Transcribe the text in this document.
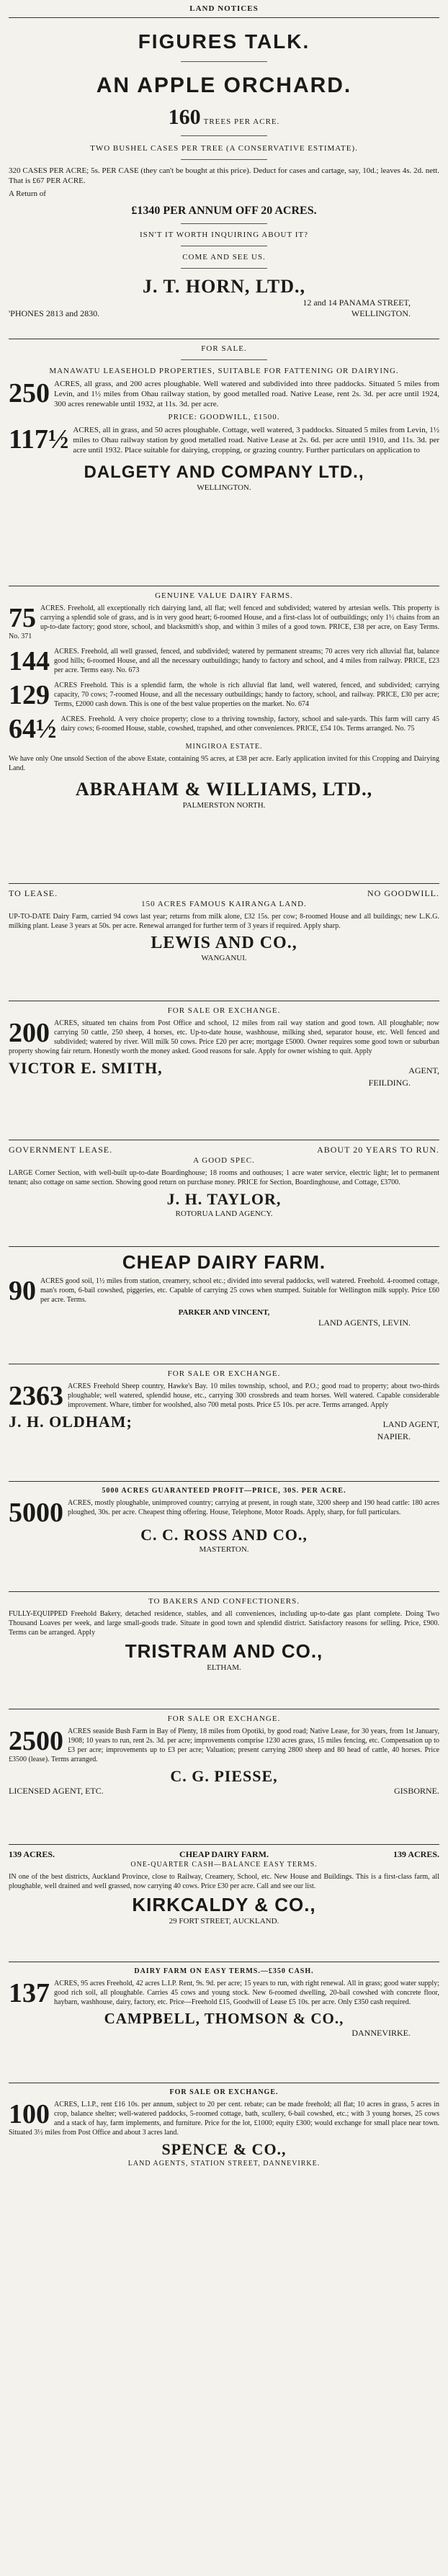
LAND NOTICES
FIGURES TALK.
AN APPLE ORCHARD.
160 TREES PER ACRE.
TWO BUSHEL CASES PER TREE (A CONSERVATIVE ESTIMATE).

320 CASES PER ACRE; 5s. PER CASE (they can't be bought at this price). Deduct for cases and cartage, say, 10d.; leaves 4s. 2d. nett. That is £67 PER ACRE.

A Return of

£1340 PER ANNUM OFF 20 ACRES.
ISN'T IT WORTH INQUIRING ABOUT IT?
COME AND SEE US.
J. T. HORN, LTD.,
12 and 14 PANAMA STREET,
'PHONES 2813 and 2830.	WELLINGTON.
FOR SALE.

MANAWATU LEASEHOLD PROPERTIES, SUITABLE FOR FATTENING OR DAIRYING.

250 ACRES, all grass, and 200 acres ploughable. Well watered and subdivided into three paddocks. Situated 5 miles from Levin, and 1½ miles from Ohau railway station, by good metalled road. Native Lease, rent 2s. 3d. per acre until 1924, 300 acres renewable until 1932, at 11s. 3d. per acre.

PRICE: GOODWILL, £1500.

117½ ACRES, all in grass, and 50 acres ploughable. Cottage, well watered, 3 paddocks. Situated 5 miles from Levin, 1½ miles to Ohau railway station by good metalled road. Native Lease at 2s. 6d. per acre until 1910, and 11s. 3d. per acre until 1932. Place suitable for dairying, cropping, or grazing country. Further particulars on application to

DALGETY AND COMPANY LTD.,
WELLINGTON.
GENUINE VALUE DAIRY FARMS.

75 ACRES. Freehold, all exceptionally rich dairying land, all flat; well fenced and subdivided; watered by artesian wells. This property is carrying a splendid sole of grass, and is in very good heart; 6-roomed House, and a first-class lot of outbuildings; only 1½ chains from an up-to-date factory; good store, school, and blacksmith's shop, and within 3 miles of a good town. PRICE, £38 per acre, on Easy Terms. No. 371

144 ACRES. Freehold, all well grassed, fenced, and subdivided; watered by permanent streams; 70 acres very rich alluvial flat, balance good hills; 6-roomed House, and all the necessary outbuildings; handy to factory and school, and 4 miles from railway. PRICE, £23 per acre. Terms easy. No. 673

129 ACRES Freehold. This is a splendid farm, the whole is rich alluvial flat land, well watered, fenced, and subdivided; carrying capacity, 70 cows; 7-roomed House, and all the necessary outbuildings; handy to factory, school, and railway. PRICE, £30 per acre; Terms, £2000 cash down. This is one of the best value properties on the market. No. 674

64½ ACRES. Freehold. A very choice property; close to a thriving township, factory, school and sale-yards. This farm will carry 45 dairy cows; 6-roomed House, stable, cowshed, trapshed, and other conveniences. PRICE, £54 10s. Terms arranged. No. 75

MINGIROA ESTATE.

We have only One unsold Section of the above Estate, containing 95 acres, at £38 per acre. Early application invited for this Cropping and Dairying Land.

ABRAHAM & WILLIAMS, LTD.,
PALMERSTON NORTH.
TO LEASE.	NO GOODWILL.
150 ACRES FAMOUS KAIRANGA LAND.

UP-TO-DATE Dairy Farm, carried 94 cows last year; returns from milk alone, £32 15s. per cow; 8-roomed House and all buildings; new L.K.G. milking plant. Lease 3 years at 50s. per acre. Renewal arranged for further term of 3 years if required. Apply sharp.

LEWIS AND CO.,
WANGANUI.
FOR SALE OR EXCHANGE.

200 ACRES, situated ten chains from Post Office and school, 12 miles from rail way station and good town. All ploughable; now carrying 50 cattle, 250 sheep, 4 horses, etc. Up-to-date house, washhouse, milking shed, separator house, etc. Well fenced and subdivided; watered by river. Will milk 50 cows. Price £20 per acre; mortgage £5000. Owner requires some good town or suburban property showing fair return. Honestly worth the money asked. Good reasons for sale. Apply for owner wishing to quit. Apply

VICTOR E. SMITH,	AGENT,
FEILDING.
GOVERNMENT LEASE.	ABOUT 20 YEARS TO RUN.
A GOOD SPEC.

LARGE Corner Section, with well-built up-to-date Boardinghouse; 18 rooms and outhouses; 1 acre water service, electric light; let to permanent tenant; also cottage on same section. Showing good return on purchase money. PRICE for Section, Boardinghouse, and Cottage, £3700.

J. H. TAYLOR,
ROTORUA LAND AGENCY.
CHEAP DAIRY FARM.

90 ACRES good soil, 1½ miles from station, creamery, school etc.; divided into several paddocks, well watered. Freehold. 4-roomed cottage, man's room, 6-bail cowshed, piggeries, etc. Capable of carrying 25 cows when stumped. Suitable for Wellington milk supply. Price £60 per acre. Terms.

PARKER AND VINCENT,
LAND AGENTS, LEVIN.
FOR SALE OR EXCHANGE.

2363 ACRES Freehold Sheep country, Hawke's Bay. 10 miles township, school, and P.O.; good road to property; about two-thirds ploughable; well watered, splendid house, etc., carrying 300 crossbreds and team horses. Well watered. Capable considerable improvement. Whare, timber for woolshed, also 700 metal posts. Price £5 10s. per acre. Terms arranged. Apply

J. H. OLDHAM;	LAND AGENT,
NAPIER.
5000 ACRES GUARANTEED PROFIT—PRICE, 30S. PER ACRE.

5000 ACRES, mostly ploughable, unimproved country; carrying at present, in rough state, 3200 sheep and 190 head cattle: 180 acres ploughed, 30s. per acre. Cheapest thing offering. House, Telephone, Motor Roads. Apply, sharp, for full particulars.

C. C. ROSS AND CO.,
MASTERTON.
TO BAKERS AND CONFECTIONERS.

FULLY-EQUIPPED Freehold Bakery, detached residence, stables, and all conveniences, including up-to-date gas plant complete. Doing Two Thousand Loaves per week, and large small-goods trade. Situate in good town and splendid district. Satisfactory reasons for selling. Price, £900. Terms can be arranged. Apply

TRISTRAM AND CO.,
ELTHAM.
FOR SALE OR EXCHANGE.

2500 ACRES seaside Bush Farm in Bay of Plenty, 18 miles from Opotiki, by good road; Native Lease, for 30 years, from 1st January, 1908; 10 years to run, rent 2s. 3d. per acre; improvements comprise 1230 acres grass, 15 miles fencing, etc. Compensation up to £3 per acre; improvements up to £3 per acre; Valuation; present carrying 2800 sheep and 80 head of cattle, 40 horses. Price £3500 (lease). Terms arranged.

C. G. PIESSE,
LICENSED AGENT, ETC.	GISBORNE.
139 ACRES.	CHEAP DAIRY FARM.	139 ACRES.
ONE-QUARTER CASH—BALANCE EASY TERMS.

IN one of the best districts, Auckland Province, close to Railway, Creamery, School, etc. New House and Buildings. This is a first-class farm, all ploughable, well drained and well grassed, now carrying 40 cows. Price £30 per acre. Call and see our list.

KIRKCALDY & CO.,
29 FORT STREET, AUCKLAND.
DAIRY FARM ON EASY TERMS.—£350 CASH.

137 ACRES, 95 acres Freehold, 42 acres L.I.P. Rent, 9s. 9d. per acre; 15 years to run, with right renewal. All in grass; good water supply; good rich soil, all ploughable. Carries 45 cows and young stock. New 6-roomed dwelling, 20-bail cowshed with concrete floor, haybarn, washhouse, dairy, factory, etc. Price—Freehold £15, Goodwill of Lease £5 10s. per acre. Only £350 cash required.

CAMPBELL, THOMSON & CO.,
DANNEVIRKE.
FOR SALE OR EXCHANGE.

100 ACRES, L.I.P., rent £16 10s. per annum, subject to 20 per cent. rebate; can be made freehold; all flat; 10 acres in grass, 5 acres in crop, balance shelter; well-watered paddocks, 5-roomed cottage, bath, scullery, 6-bail cowshed, etc.; with 3 young horses, 25 cows and a stack of hay, farm implements, and furniture. Price for the lot, £1000; equity £300; would exchange for small place near town. Situated 3½ miles from Post Office and about 3 acres land.

SPENCE & CO.,
LAND AGENTS, STATION STREET, DANNEVIRKE.
